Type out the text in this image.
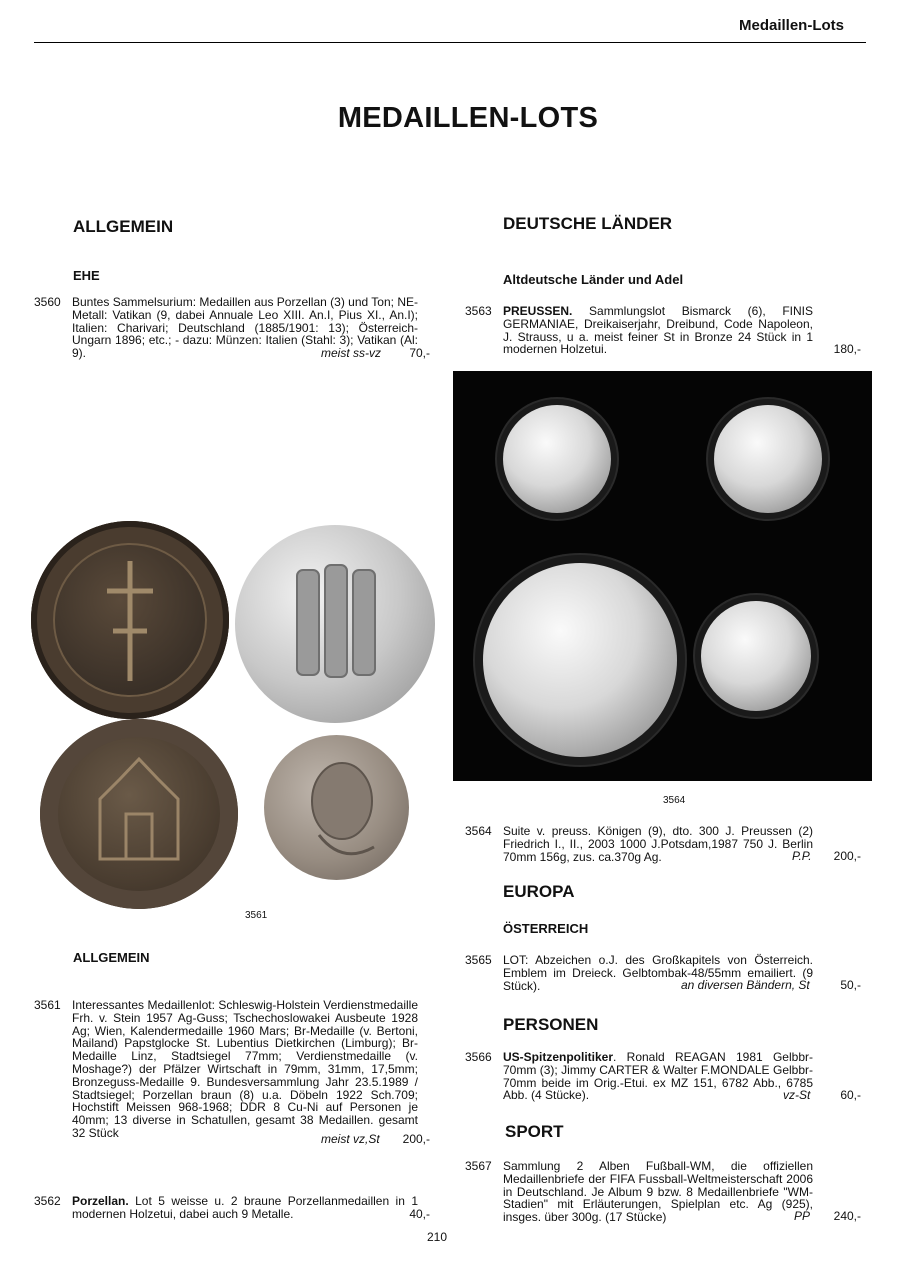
Medaillen-Lots
MEDAILLEN-LOTS
ALLGEMEIN
EHE
3560 Buntes Sammelsurium: Medaillen aus Porzellan (3) und Ton; NE-Metall: Vatikan (9, dabei Annuale Leo XIII. An.I, Pius XI., An.I); Italien: Charivari; Deutschland (1885/1901: 13); Österreich-Ungarn 1896; etc.; - dazu: Münzen: Italien (Stahl: 3); Vatikan (Al: 9).	meist ss-vz 70,-
3561
ALLGEMEIN
3561 Interessantes Medaillenlot: Schleswig-Holstein Verdienstmedaille Frh. v. Stein 1957 Ag-Guss; Tschechoslowakei Ausbeute 1928 Ag; Wien, Kalendermedaille 1960 Mars; Br-Medaille (v. Bertoni, Mailand) Papstglocke St. Lubentius Dietkirchen (Limburg); Br-Medaille Linz, Stadtsiegel 77mm; Verdienstmedaille (v. Moshage?) der Pfälzer Wirtschaft in 79mm, 31mm, 17,5mm; Bronzeguss-Medaille 9. Bundesversammlung Jahr 23.5.1989 / Stadtsiegel; Porzellan braun (8) u.a. Döbeln 1922 Sch.709; Hochstift Meissen 968-1968; DDR 8 Cu-Ni auf Personen je 40mm; 13 diverse in Schatullen, gesamt 38 Medaillen. gesamt 32 Stück	meist vz,St 200,-
3562 Porzellan. Lot 5 weisse u. 2 braune Porzellanmedaillen in 1 modernen Holzetui, dabei auch 9 Metalle.	40,-
DEUTSCHE LÄNDER
Altdeutsche Länder und Adel
3563 PREUSSEN. Sammlungslot Bismarck (6), FINIS GERMANIAE, Dreikaiserjahr, Dreibund, Code Napoleon, J. Strauss, u a. meist feiner St in Bronze 24 Stück in 1 modernen Holzetui.	180,-
3564
3564 Suite v. preuss. Königen (9), dto. 300 J. Preussen (2) Friedrich I., II., 2003 1000 J.Potsdam,1987 750 J. Berlin 70mm 156g, zus. ca.370g Ag.	P.P. 200,-
EUROPA
ÖSTERREICH
3565 LOT: Abzeichen o.J. des Großkapitels von Österreich. Emblem im Dreieck. Gelbtombak-48/55mm emailiert. (9 Stück).	an diversen Bändern, St	50,-
PERSONEN
3566 US-Spitzenpolitiker. Ronald REAGAN 1981 Gelbbr-70mm (3); Jimmy CARTER & Walter F.MONDALE Gelbbr-70mm beide im Orig.-Etui. ex MZ 151, 6782 Abb., 6785 Abb. (4 Stücke).	vz-St 60,-
SPORT
3567 Sammlung 2 Alben Fußball-WM, die offiziellen Medaillenbriefe der FIFA Fussball-Weltmeisterschaft 2006 in Deutschland. Je Album 9 bzw. 8 Medaillenbriefe "WM-Stadien" mit Erläuterungen, Spielplan etc. Ag (925), insges. über 300g. (17 Stücke)	PP 240,-
210
